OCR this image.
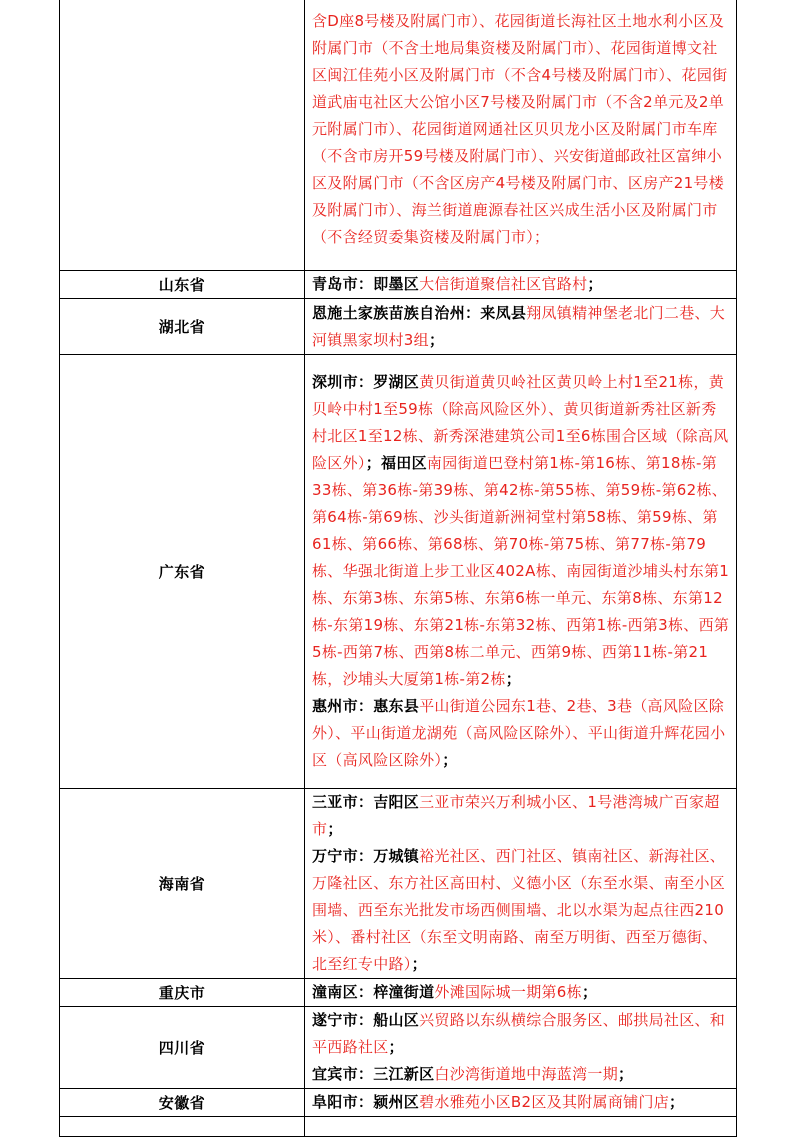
	含D座8号楼及附属门市）、花园街道长海社区土地水利小区及附属门市（不含土地局集资楼及附属门市）、花园街道博文社区闽江佳苑小区及附属门市（不含4号楼及附属门市）、花园街道武庙屯社区大公馆小区7号楼及附属门市（不含2单元及2单元附属门市）、花园街道网通社区贝贝龙小区及附属门市车库（不含市房开59号楼及附属门市）、兴安街道邮政社区富绅小区及附属门市（不含区房产4号楼及附属门市、区房产21号楼及附属门市）、海兰街道鹿源春社区兴成生活小区及附属门市（不含经贸委集资楼及附属门市）；

山东省	青岛市：即墨区大信街道聚信社区官路村；

湖北省	恩施土家族苗族自治州：来凤县翔凤镇精神堡老北门二巷、大河镇黑家坝村3组；

广东省	深圳市：罗湖区黄贝街道黄贝岭社区黄贝岭上村1至21栋，黄贝岭中村1至59栋（除高风险区外）、黄贝街道新秀社区新秀村北区1至12栋、新秀深港建筑公司1至6栋围合区域（除高风险区外）；福田区南园街道巴登村第1栋-第16栋、第18栋-第33栋、第36栋-第39栋、第42栋-第55栋、第59栋-第62栋、第64栋-第69栋、沙头街道新洲祠堂村第58栋、第59栋、第61栋、第66栋、第68栋、第70栋-第75栋、第77栋-第79栋、华强北街道上步工业区402A栋、南园街道沙埔头村东第1栋、东第3栋、东第5栋、东第6栋一单元、东第8栋、东第12栋-东第19栋、东第21栋-东第32栋、西第1栋-西第3栋、西第5栋-西第7栋、西第8栋二单元、西第9栋、西第11栋-第21栋，沙埔头大厦第1栋-第2栋；
惠州市：惠东县平山街道公园东1巷、2巷、3巷（高风险区除外）、平山街道龙湖苑（高风险区除外）、平山街道升辉花园小区（高风险区除外）；

海南省	三亚市：吉阳区三亚市荣兴万利城小区、1号港湾城广百家超市；
万宁市：万城镇裕光社区、西门社区、镇南社区、新海社区、万隆社区、东方社区高田村、义德小区（东至水渠、南至小区围墙、西至东光批发市场西侧围墙、北以水渠为起点往西210米）、番村社区（东至文明南路、南至万明街、西至万德街、北至红专中路）；

重庆市	潼南区：梓潼街道外滩国际城一期第6栋；

四川省	遂宁市：船山区兴贸路以东纵横综合服务区、邮拱局社区、和平西路社区；
宜宾市：三江新区白沙湾街道地中海蓝湾一期；

安徽省	阜阳市：颍州区碧水雅苑小区B2区及其附属商铺门店；
